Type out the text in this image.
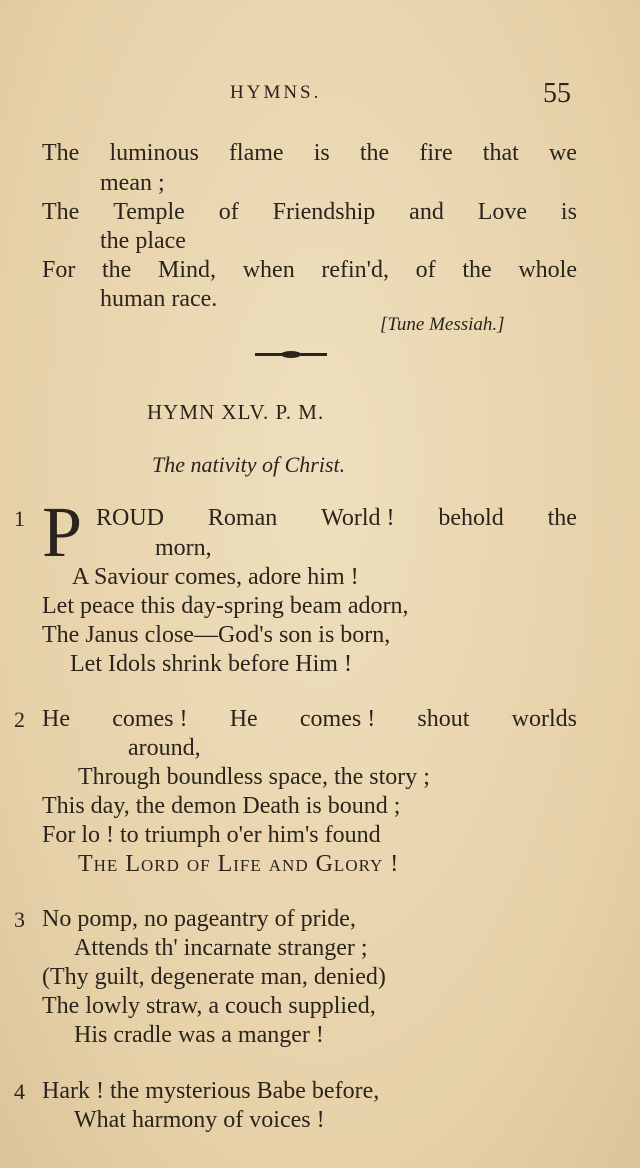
HYMNS.	55
The luminous flame is the fire that we
mean ;
The Temple of Friendship and Love is
the place
For the Mind, when refin'd, of the whole
human race.
[Tune Messiah.]
HYMN XLV. P. M.
The nativity of Christ.
1 P ROUD Roman World ! behold the
morn,
A Saviour comes, adore him !
Let peace this day-spring beam adorn,
The Janus close—God's son is born,
Let Idols shrink before Him !
2 He comes ! He comes ! shout worlds
around,
Through boundless space, the story ;
This day, the demon Death is bound ;
For lo ! to triumph o'er him's found
The Lord of Life and Glory !
3 No pomp, no pageantry of pride,
Attends th' incarnate stranger ;
(Thy guilt, degenerate man, denied)
The lowly straw, a couch supplied,
His cradle was a manger !
4 Hark ! the mysterious Babe before,
What harmony of voices !
